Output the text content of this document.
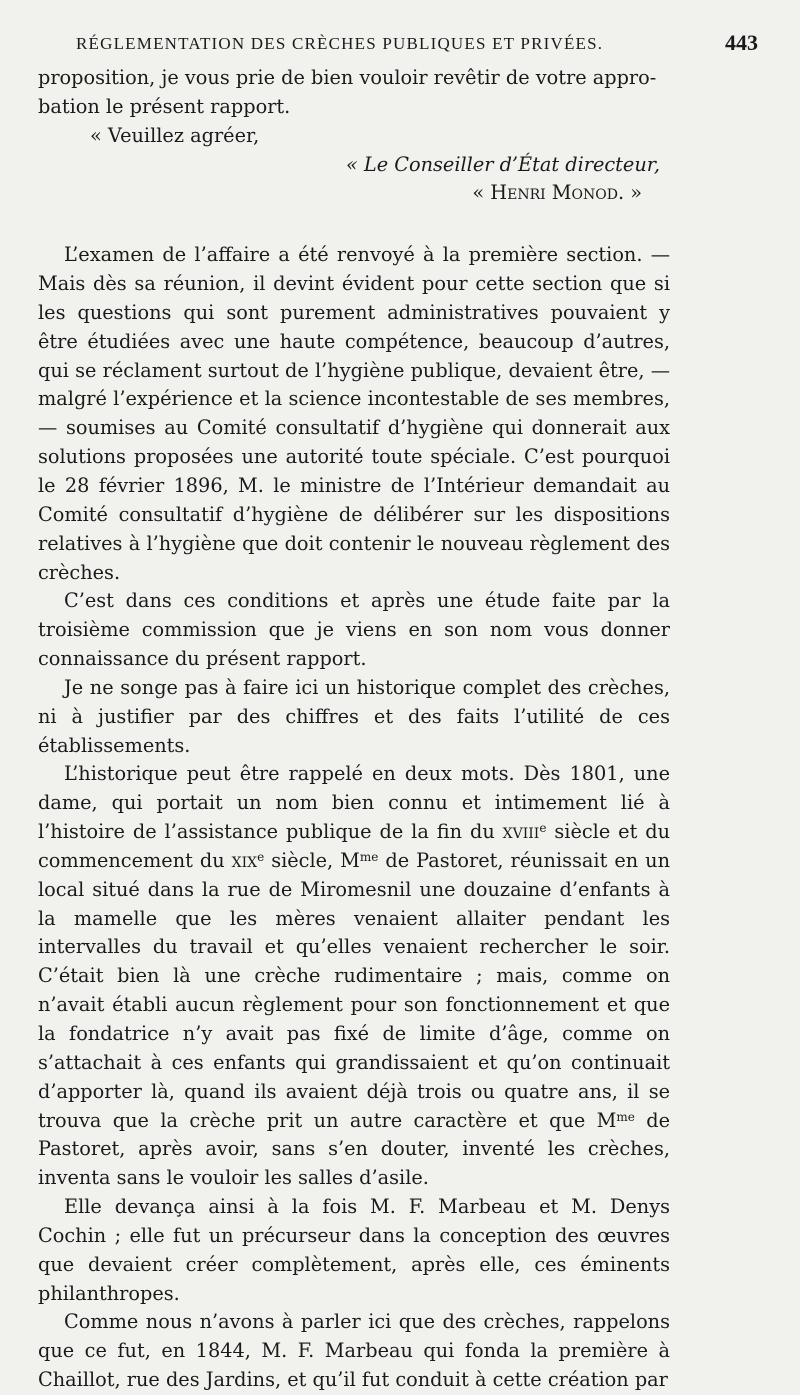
RÉGLEMENTATION DES CRÈCHES PUBLIQUES ET PRIVÉES.	443

proposition, je vous prie de bien vouloir revêtir de votre appro-

bation le présent rapport.

« Veuillez agréer,

« Le Conseiller d’État directeur,

« Henri Monod. »

L’examen de l’affaire a été renvoyé à la première section. — Mais dès sa réunion, il devint évident pour cette section que si les questions qui sont purement administratives pouvaient y être étudiées avec une haute compétence, beaucoup d’autres, qui se réclament surtout de l’hygiène publique, devaient être, — malgré l’expérience et la science incontestable de ses membres, — soumises au Comité consultatif d’hygiène qui donnerait aux solutions proposées une autorité toute spéciale. C’est pourquoi le 28 février 1896, M. le ministre de l’Intérieur demandait au Comité consultatif d’hygiène de délibérer sur les dispositions relatives à l’hygiène que doit contenir le nouveau règlement des crèches.

C’est dans ces conditions et après une étude faite par la troisième commission que je viens en son nom vous donner connaissance du présent rapport.

Je ne songe pas à faire ici un historique complet des crèches, ni à justifier par des chiffres et des faits l’utilité de ces établissements.

L’historique peut être rappelé en deux mots. Dès 1801, une dame, qui portait un nom bien connu et intimement lié à l’histoire de l’assistance publique de la fin du xviii$^e$ siècle et du commencement du xix$^e$ siècle, $M^{me}$ de Pastoret, réunissait en un local situé dans la rue de Miromesnil une douzaine d’enfants à la mamelle que les mères venaient allaiter pendant les intervalles du travail et qu’elles venaient rechercher le soir. C’était bien là une crèche rudimentaire ; mais, comme on n’avait établi aucun règlement pour son fonctionnement et que la fondatrice n’y avait pas fixé de limite d’âge, comme on s’attachait à ces enfants qui grandissaient et qu’on continuait d’apporter là, quand ils avaient déjà trois ou quatre ans, il se trouva que la crèche prit un autre caractère et que $M^{me}$ de Pastoret, après avoir, sans s’en douter, inventé les crèches, inventa sans le vouloir les salles d’asile.

Elle devança ainsi à la fois M. F. Marbeau et M. Denys Cochin ; elle fut un précurseur dans la conception des œuvres que devaient créer complètement, après elle, ces éminents philanthropes.

Comme nous n’avons à parler ici que des crèches, rappelons que ce fut, en 1844, M. F. Marbeau qui fonda la première à Chaillot, rue des Jardins, et qu’il fut conduit à cette création par
